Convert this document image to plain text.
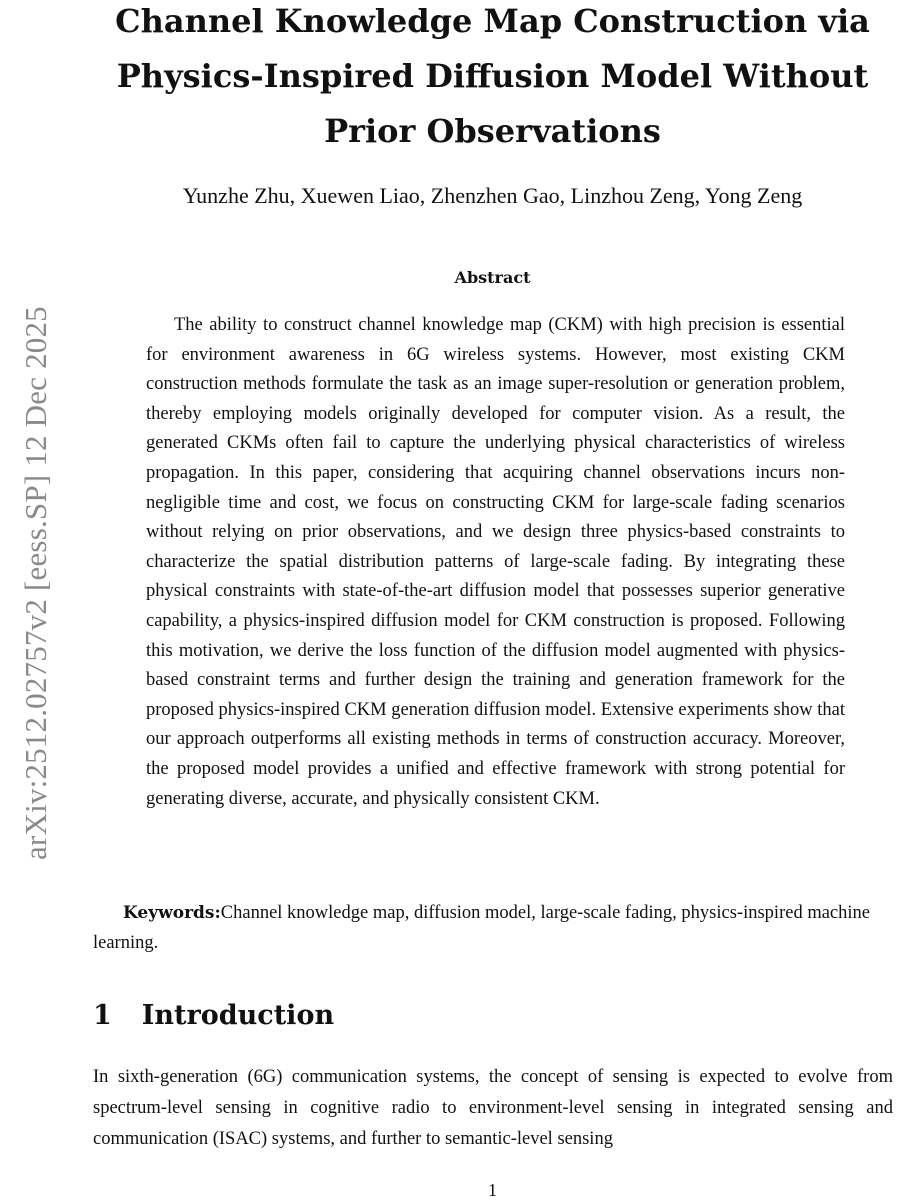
arXiv:2512.02757v2 [eess.SP] 12 Dec 2025
Channel Knowledge Map Construction via
Physics-Inspired Diffusion Model Without
Prior Observations
Yunzhe Zhu, Xuewen Liao, Zhenzhen Gao, Linzhou Zeng, Yong Zeng
Abstract

The ability to construct channel knowledge map (CKM) with high precision is essential for environment awareness in 6G wireless systems. However, most existing CKM construction methods formulate the task as an image super-resolution or generation problem, thereby employing models originally developed for computer vision. As a result, the generated CKMs often fail to capture the underlying physical characteristics of wireless propagation. In this paper, considering that acquiring channel observations incurs non-negligible time and cost, we focus on constructing CKM for large-scale fading scenarios without relying on prior observations, and we design three physics-based constraints to characterize the spatial distribution patterns of large-scale fading. By integrating these physical constraints with state-of-the-art diffusion model that possesses superior generative capability, a physics-inspired diffusion model for CKM construction is proposed. Following this motivation, we derive the loss function of the diffusion model augmented with physics-based constraint terms and further design the training and generation framework for the proposed physics-inspired CKM generation diffusion model. Extensive experiments show that our approach outperforms all existing methods in terms of construction accuracy. Moreover, the proposed model provides a unified and effective framework with strong potential for generating diverse, accurate, and physically consistent CKM.

Keywords:Channel knowledge map, diffusion model, large-scale fading, physics-inspired machine learning.

1 Introduction

In sixth-generation (6G) communication systems, the concept of sensing is expected to evolve from spectrum-level sensing in cognitive radio to environment-level sensing in integrated sensing and communication (ISAC) systems, and further to semantic-level sensing

1
